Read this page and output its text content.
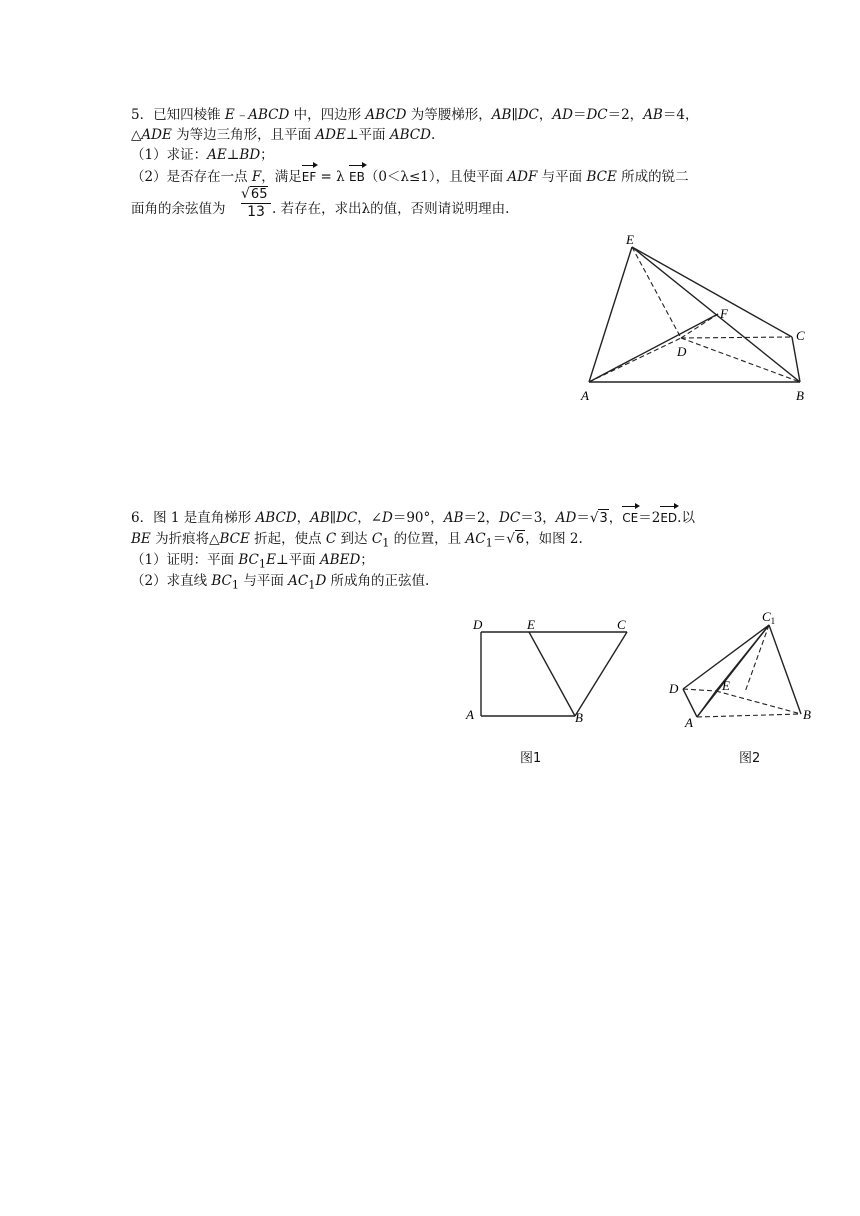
5．已知四棱锥 E﹣ABCD 中，四边形 ABCD 为等腰梯形，AB∥DC，AD＝DC＝2，AB＝4，
△ADE 为等边三角形，且平面 ADE⊥平面 ABCD.
（1）求证：AE⊥BD；
（2）是否存在一点 F，满足EF = λ EB（0＜λ≤1），且使平面 ADF 与平面 BCE 所成的锐二
面角的余弦值为
√65
13 . 若存在，求出λ的值，否则请说明理由.
E
F
C
D
A	B
6．图 1 是直角梯形 ABCD，AB∥DC，∠D＝90°，AB＝2，DC＝3，AD＝√3，CE＝2ED.以
BE 为折痕将△BCE 折起，使点 C 到达 $C_1$ 的位置，且 $AC_1=√6$，如图 2.
（1）证明：平面 $BC_1E\perp$平面 ABED；
（2）求直线 $BC_1$ 与平面 $AC_1D$ 所成角的正弦值.
D	E	C
A	B
图1
$C_1$
D	E
A
B
图2
